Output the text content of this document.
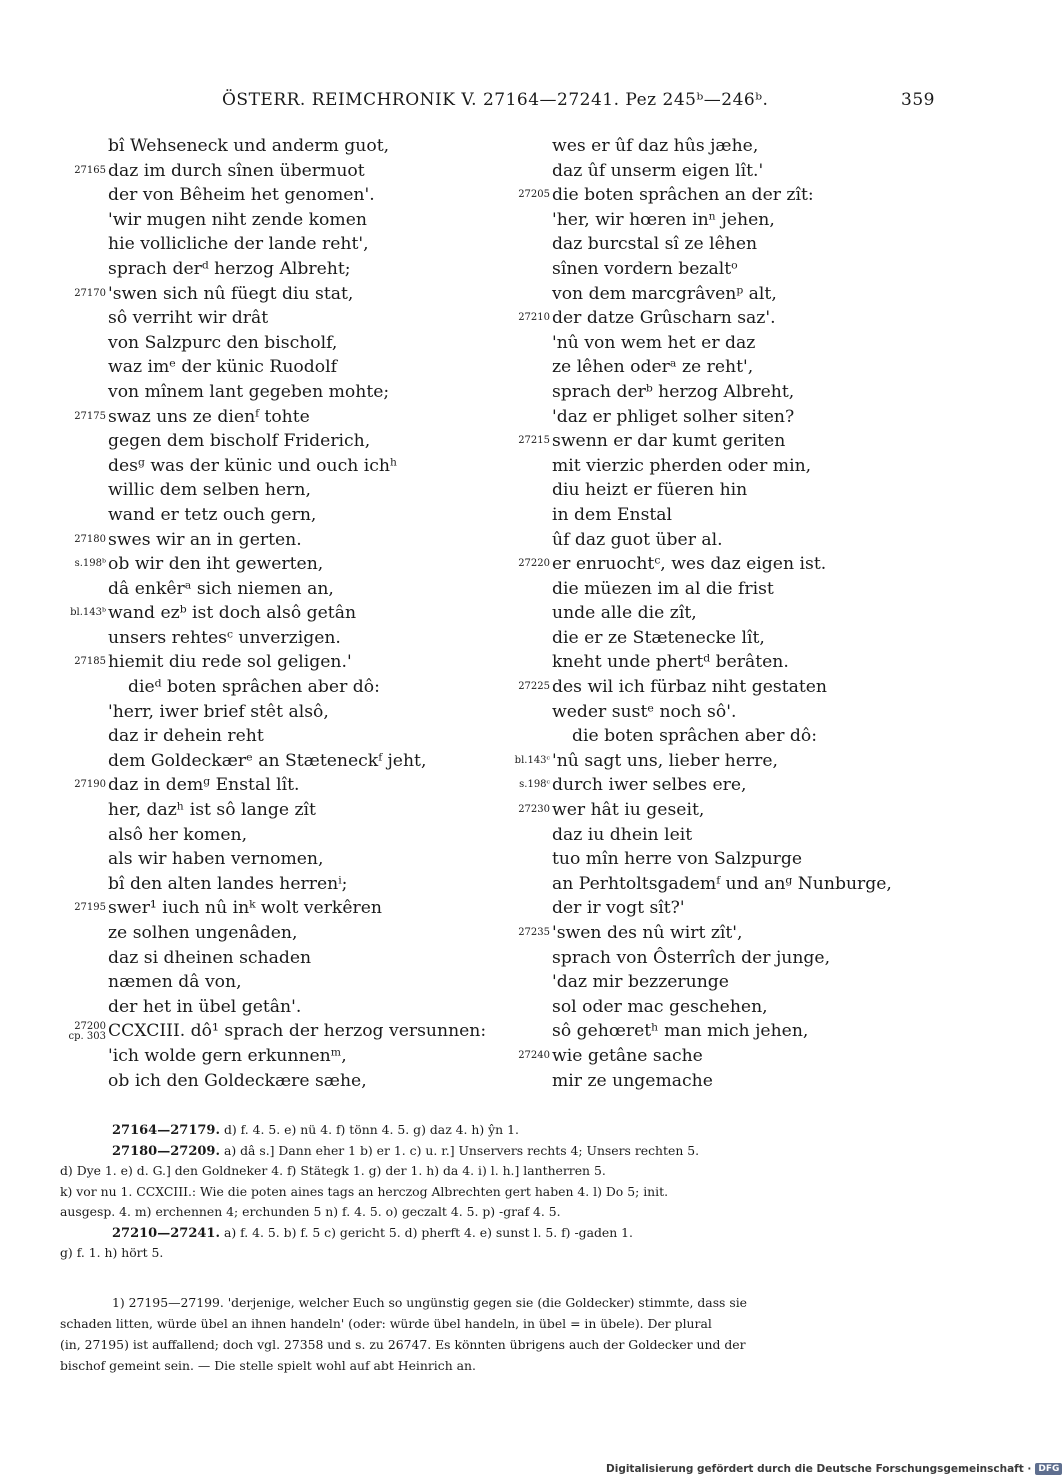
ÖSTERR. REIMCHRONIK V. 27164—27241. Pez 245ᵇ—246ᵇ.	359
bî Wehseneck und anderm guot,
27165 daz im durch sînen übermuot
der von Bêheim het genomen'.
'wir mugen niht zende komen
hie vollicliche der lande reht',
sprach derᵈ herzog Albreht;
27170 'swen sich nû füegt diu stat,
sô verriht wir drât
von Salzpurc den bischolf,
waz imᵉ der künic Ruodolf
von mînem lant gegeben mohte;
27175 swaz uns ze dienᶠ tohte
gegen dem bischolf Friderich,
desᵍ was der künic und ouch ichʰ
willic dem selben hern,
wand er tetz ouch gern,
27180 swes wir an in gerten.
s.198ᵇ ob wir den iht gewerten,
dâ enkêrᵃ sich niemen an,
bl.143ᵇ wand ezᵇ ist doch alsô getân
unsers rehtesᶜ unverzigen.
27185 hiemit diu rede sol geligen.'
dieᵈ boten sprâchen aber dô:
'herr, iwer brief stêt alsô,
daz ir dehein reht
dem Goldeckærᵉ an Stæteneckᶠ jeht,
27190 daz in demᵍ Enstal lît.
her, dazʰ ist sô lange zît
alsô her komen,
als wir haben vernomen,
bî den alten landes herrenⁱ;
27195 swer¹ iuch nû inᵏ wolt verkêren
ze solhen ungenâden,
daz si dheinen schaden
næmen dâ von,
der het in übel getân'.
27200
cp. 303 CCXCIII. dô¹ sprach der herzog versunnen:
'ich wolde gern erkunnenᵐ,
ob ich den Goldeckære sæhe,
wes er ûf daz hûs jæhe,
daz ûf unserm eigen lît.'
27205 die boten sprâchen an der zît:
'her, wir hœren inⁿ jehen,
daz burcstal sî ze lêhen
sînen vordern bezaltᵒ
von dem marcgrâvenᵖ alt,
27210 der datze Grûscharn saz'.
'nû von wem het er daz
ze lêhen oderᵃ ze reht',
sprach derᵇ herzog Albreht,
'daz er phliget solher siten?
27215 swenn er dar kumt geriten
mit vierzic pherden oder min,
diu heizt er füeren hin
in dem Enstal
ûf daz guot über al.
27220 er enruochtᶜ, wes daz eigen ist.
die müezen im al die frist
unde alle die zît,
die er ze Stætenecke lît,
kneht unde phertᵈ berâten.
27225 des wil ich fürbaz niht gestaten
weder sustᵉ noch sô'.
die boten sprâchen aber dô:
bl.143ᶜ 'nû sagt uns, lieber herre,
s.198ᶜ durch iwer selbes ere,
27230 wer hât iu geseit,
daz iu dhein leit
tuo mîn herre von Salzpurge
an Perhtoltsgademᶠ und anᵍ Nunburge,
der ir vogt sît?'
27235 'swen des nû wirt zît',
sprach von Ôsterrîch der junge,
'daz mir bezzerunge
sol oder mac geschehen,
sô gehœretʰ man mich jehen,
27240 wie getâne sache
mir ze ungemache
27164—27179. d) f. 4. 5. e) nü 4. f) tönn 4. 5. g) daz 4. h) ŷn 1.
27180—27209. a) dâ s.] Dann eher 1 b) er 1. c) u. r.] Unservers rechts 4; Unsers rechten 5.
d) Dye 1. e) d. G.] den Goldneker 4. f) Stätegk 1. g) der 1. h) da 4. i) l. h.] lantherren 5.
k) vor nu 1. CCXCIII.: Wie die poten aines tags an herczog Albrechten gert haben 4. l) Do 5; init.
ausgesp. 4. m) erchennen 4; erchunden 5 n) f. 4. 5. o) geczalt 4. 5. p) -graf 4. 5.
27210—27241. a) f. 4. 5. b) f. 5 c) gericht 5. d) pherft 4. e) sunst l. 5. f) -gaden 1.
g) f. 1. h) hört 5.
1) 27195—27199. 'derjenige, welcher Euch so ungünstig gegen sie (die Goldecker) stimmte, dass sie
schaden litten, würde übel an ihnen handeln' (oder: würde übel handeln, in übel = in übele). Der plural
(in, 27195) ist auffallend; doch vgl. 27358 und s. zu 26747. Es könnten übrigens auch der Goldecker und der
bischof gemeint sein. — Die stelle spielt wohl auf abt Heinrich an.
Digitalisierung gefördert durch die Deutsche Forschungsgemeinschaft · DFG
